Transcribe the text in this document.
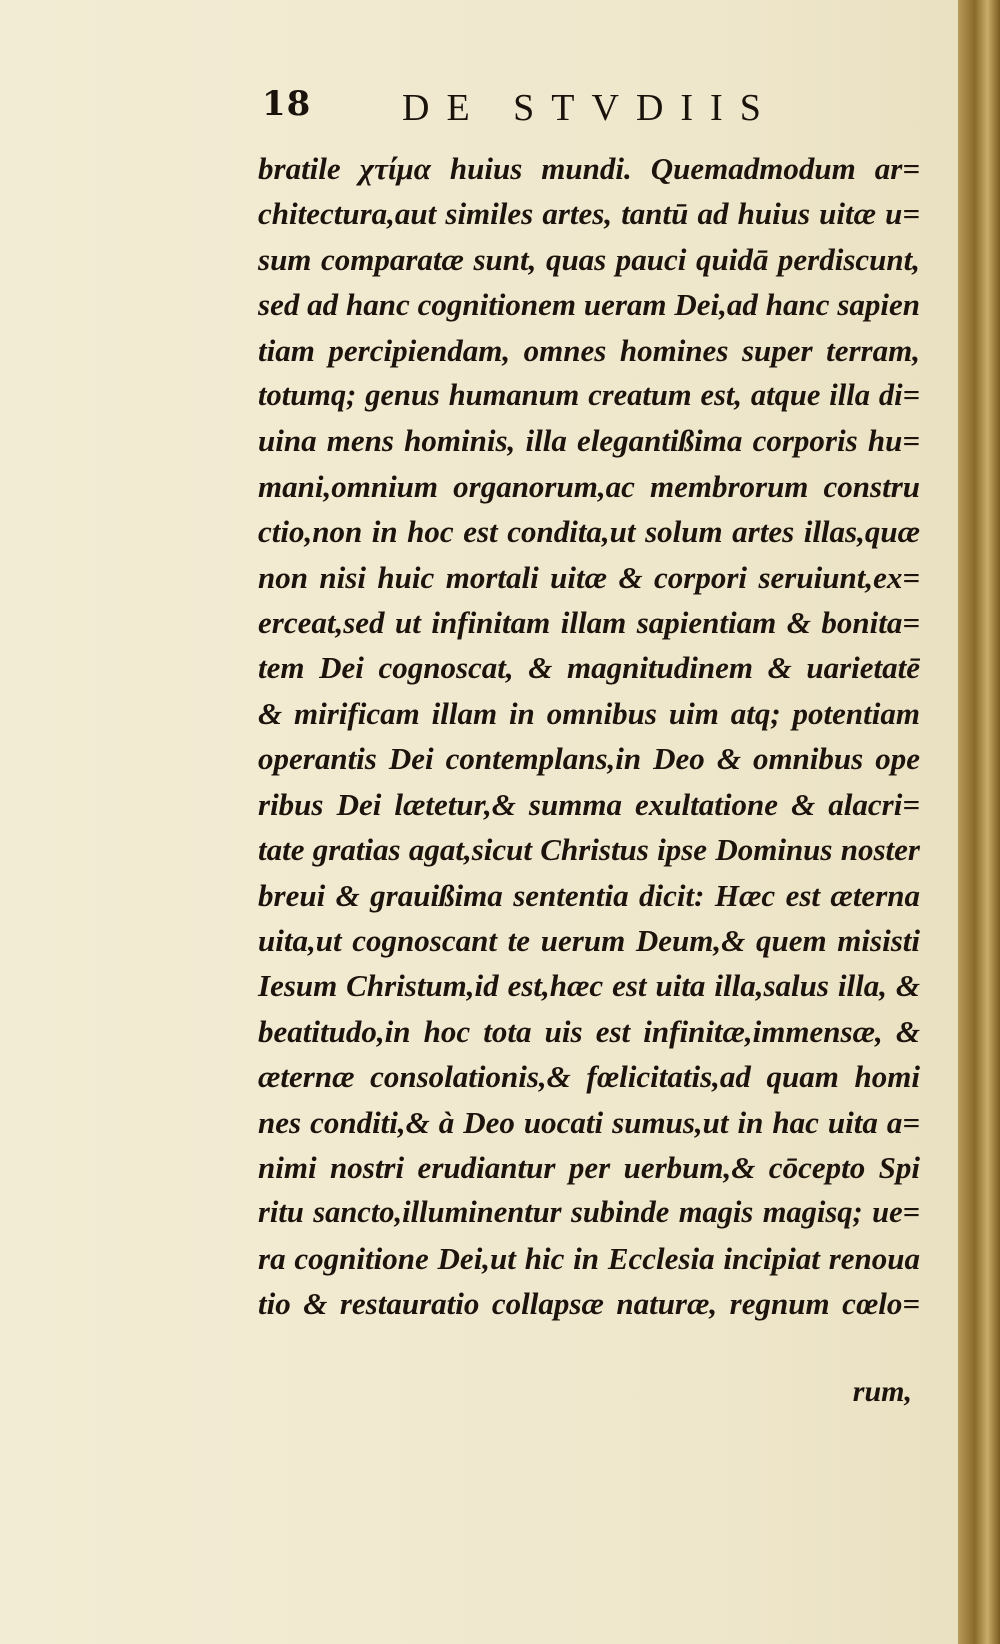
18 DE STVDIIS
bratile χτίμα huius mundi. Quemadmodum ar=
chitectura,aut similes artes, tantū ad huius uitæ u=
sum comparatæ sunt, quas pauci quidā perdiscunt,
sed ad hanc cognitionem ueram Dei,ad hanc sapien
tiam percipiendam, omnes homines super terram,
totumq; genus humanum creatum est, atque illa di=
uina mens hominis, illa elegantißima corporis hu=
mani,omnium organorum,ac membrorum constru
ctio,non in hoc est condita,ut solum artes illas,quæ
non nisi huic mortali uitæ & corpori seruiunt,ex=
erceat,sed ut infinitam illam sapientiam & bonita=
tem Dei cognoscat, & magnitudinem & uarietatē
& mirificam illam in omnibus uim atq; potentiam
operantis Dei contemplans,in Deo & omnibus ope
ribus Dei lætetur,& summa exultatione & alacri=
tate gratias agat,sicut Christus ipse Dominus noster
breui & grauißima sententia dicit: Hæc est æterna
uita,ut cognoscant te uerum Deum,& quem misisti
Iesum Christum,id est,hæc est uita illa,salus illa, &
beatitudo,in hoc tota uis est infinitæ,immensæ, &
æternæ consolationis,& fœlicitatis,ad quam homi
nes conditi,& à Deo uocati sumus,ut in hac uita a=
nimi nostri erudiantur per uerbum,& cōcepto Spi
ritu sancto,illuminentur subinde magis magisq; ue=
ra cognitione Dei,ut hic in Ecclesia incipiat renoua
tio & restauratio collapsæ naturæ, regnum cœlo=
rum,
